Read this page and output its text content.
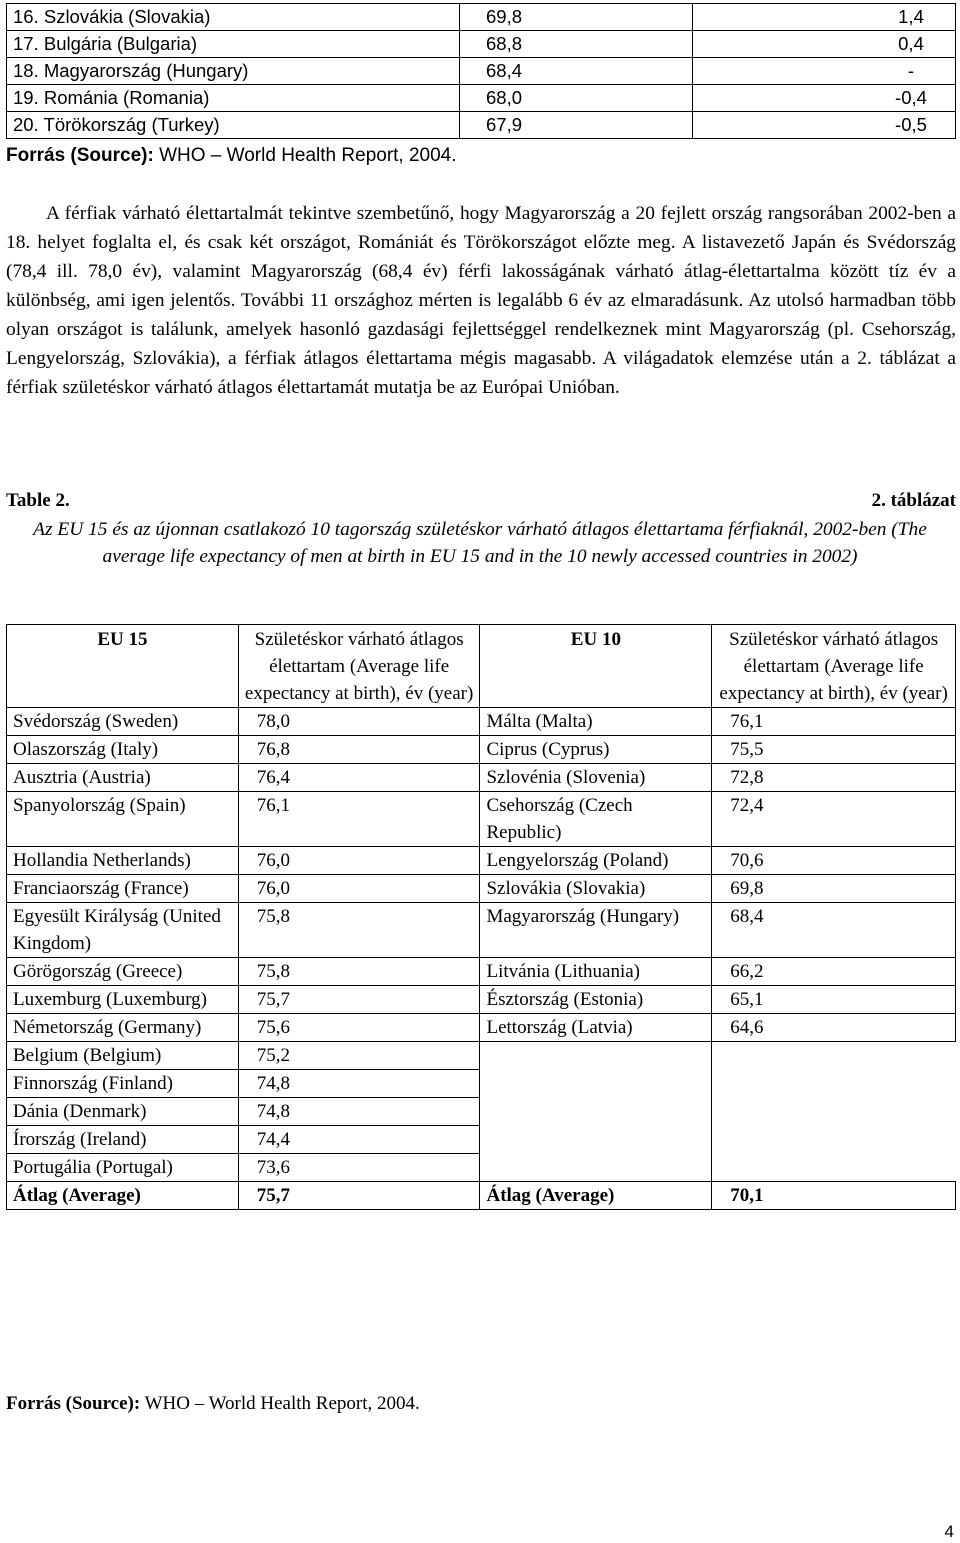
16. Szlovákia (Slovakia)	69,8	1,4
17. Bulgária (Bulgaria)	68,8	0,4
18. Magyarország (Hungary)	68,4	-
19. Románia (Romania)	68,0	-0,4
20. Törökország (Turkey)	67,9	-0,5
Forrás (Source): WHO – World Health Report, 2004.
A férfiak várható élettartalmát tekintve szembetűnő, hogy Magyarország a 20 fejlett ország rangsorában 2002-ben a 18. helyet foglalta el, és csak két országot, Romániát és Törökországot előzte meg. A listavezető Japán és Svédország (78,4 ill. 78,0 év), valamint Magyarország (68,4 év) férfi lakosságának várható átlag-élettartalma között tíz év a különbség, ami igen jelentős. További 11 országhoz mérten is legalább 6 év az elmaradásunk. Az utolsó harmadban több olyan országot is találunk, amelyek hasonló gazdasági fejlettséggel rendelkeznek mint Magyarország (pl. Csehország, Lengyelország, Szlovákia), a férfiak átlagos élettartama mégis magasabb. A világadatok elemzése után a 2. táblázat a férfiak születéskor várható átlagos élettartamát mutatja be az Európai Unióban.
Table 2.	2. táblázat
Az EU 15 és az újonnan csatlakozó 10 tagország születéskor várható átlagos élettartama férfiaknál, 2002-ben (The average life expectancy of men at birth in EU 15 and in the 10 newly accessed countries in 2002)
EU 15	Születéskor várható átlagos élettartam (Average life expectancy at birth), év (year)	EU 10	Születéskor várható átlagos élettartam (Average life expectancy at birth), év (year)
Svédország (Sweden)	78,0	Málta (Malta)	76,1
Olaszország (Italy)	76,8	Ciprus (Cyprus)	75,5
Ausztria (Austria)	76,4	Szlovénia (Slovenia)	72,8
Spanyolország (Spain)	76,1	Csehország (Czech Republic)	72,4
Hollandia Netherlands)	76,0	Lengyelország (Poland)	70,6
Franciaország (France)	76,0	Szlovákia (Slovakia)	69,8
Egyesült Királyság (United Kingdom)	75,8	Magyarország (Hungary)	68,4
Görögország (Greece)	75,8	Litvánia (Lithuania)	66,2
Luxemburg (Luxemburg)	75,7	Észtország (Estonia)	65,1
Németország (Germany)	75,6	Lettország (Latvia)	64,6
Belgium (Belgium)	75,2		
Finnország (Finland)	74,8		
Dánia (Denmark)	74,8		
Írország (Ireland)	74,4		
Portugália (Portugal)	73,6		
Átlag (Average)	75,7	Átlag (Average)	70,1
Forrás (Source): WHO – World Health Report, 2004.
4
